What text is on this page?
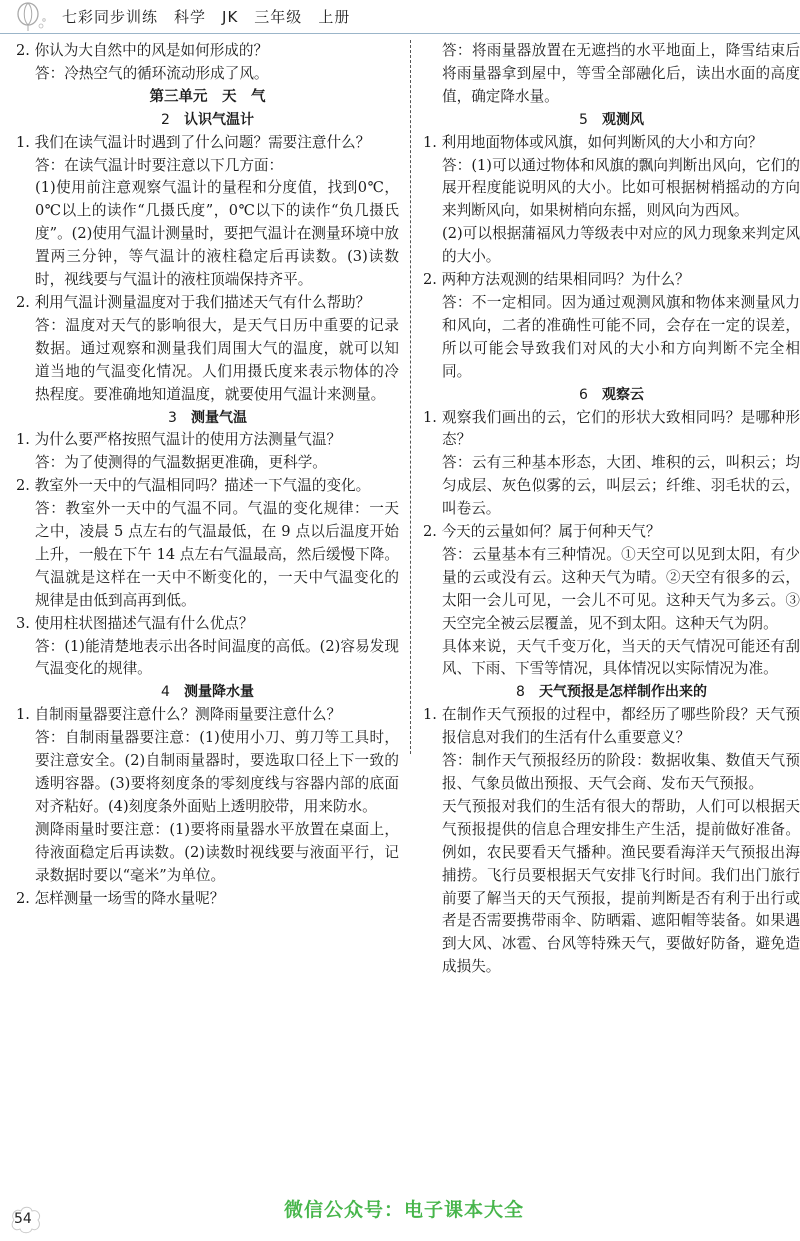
七彩同步训练 科学 JK 三年级 上册
2. 你认为大自然中的风是如何形成的？
答：冷热空气的循环流动形成了风。
第三单元　天　气
2 认识气温计
1. 我们在读气温计时遇到了什么问题？需要注意什么？
答：在读气温计时要注意以下几方面：
(1)使用前注意观察气温计的量程和分度值，找到0℃，0℃以上的读作“几摄氏度”，0℃以下的读作“负几摄氏度”。(2)使用气温计测量时，要把气温计在测量环境中放置两三分钟，等气温计的液柱稳定后再读数。(3)读数时，视线要与气温计的液柱顶端保持齐平。
2. 利用气温计测量温度对于我们描述天气有什么帮助？
答：温度对天气的影响很大，是天气日历中重要的记录数据。通过观察和测量我们周围大气的温度，就可以知道当地的气温变化情况。人们用摄氏度来表示物体的冷热程度。要准确地知道温度，就要使用气温计来测量。
3 测量气温
1. 为什么要严格按照气温计的使用方法测量气温？
答：为了使测得的气温数据更准确，更科学。
2. 教室外一天中的气温相同吗？描述一下气温的变化。
答：教室外一天中的气温不同。气温的变化规律：一天之中，凌晨 5 点左右的气温最低，在 9 点以后温度开始上升，一般在下午 14 点左右气温最高，然后缓慢下降。气温就是这样在一天中不断变化的，一天中气温变化的规律是由低到高再到低。
3. 使用柱状图描述气温有什么优点？
答：(1)能清楚地表示出各时间温度的高低。(2)容易发现气温变化的规律。
4 测量降水量
1. 自制雨量器要注意什么？测降雨量要注意什么？
答：自制雨量器要注意：(1)使用小刀、剪刀等工具时，要注意安全。(2)自制雨量器时，要选取口径上下一致的透明容器。(3)要将刻度条的零刻度线与容器内部的底面对齐粘好。(4)刻度条外面贴上透明胶带，用来防水。
测降雨量时要注意：(1)要将雨量器水平放置在桌面上，待液面稳定后再读数。(2)读数时视线要与液面平行，记录数据时要以“毫米”为单位。
2. 怎样测量一场雪的降水量呢？
答：将雨量器放置在无遮挡的水平地面上，降雪结束后将雨量器拿到屋中，等雪全部融化后，读出水面的高度值，确定降水量。
5 观测风
1. 利用地面物体或风旗，如何判断风的大小和方向？
答：(1)可以通过物体和风旗的飘向判断出风向，它们的展开程度能说明风的大小。比如可根据树梢摇动的方向来判断风向，如果树梢向东摇，则风向为西风。
(2)可以根据蒲福风力等级表中对应的风力现象来判定风的大小。
2. 两种方法观测的结果相同吗？为什么？
答：不一定相同。因为通过观测风旗和物体来测量风力和风向，二者的准确性可能不同，会存在一定的误差，所以可能会导致我们对风的大小和方向判断不完全相同。
6 观察云
1. 观察我们画出的云，它们的形状大致相同吗？是哪种形态？
答：云有三种基本形态，大团、堆积的云，叫积云；均匀成层、灰色似雾的云，叫层云；纤维、羽毛状的云，叫卷云。
2. 今天的云量如何？属于何种天气？
答：云量基本有三种情况。①天空可以见到太阳，有少量的云或没有云。这种天气为晴。②天空有很多的云，太阳一会儿可见，一会儿不可见。这种天气为多云。③天空完全被云层覆盖，见不到太阳。这种天气为阴。
具体来说，天气千变万化，当天的天气情况可能还有刮风、下雨、下雪等情况，具体情况以实际情况为准。
8 天气预报是怎样制作出来的
1. 在制作天气预报的过程中，都经历了哪些阶段？天气预报信息对我们的生活有什么重要意义？
答：制作天气预报经历的阶段：数据收集、数值天气预报、气象员做出预报、天气会商、发布天气预报。
天气预报对我们的生活有很大的帮助，人们可以根据天气预报提供的信息合理安排生产生活，提前做好准备。例如，农民要看天气播种。渔民要看海洋天气预报出海捕捞。飞行员要根据天气安排飞行时间。我们出门旅行前要了解当天的天气预报，提前判断是否有利于出行或者是否需要携带雨伞、防晒霜、遮阳帽等装备。如果遇到大风、冰雹、台风等特殊天气，要做好防备，避免造成损失。
54	微信公众号：电子课本大全
